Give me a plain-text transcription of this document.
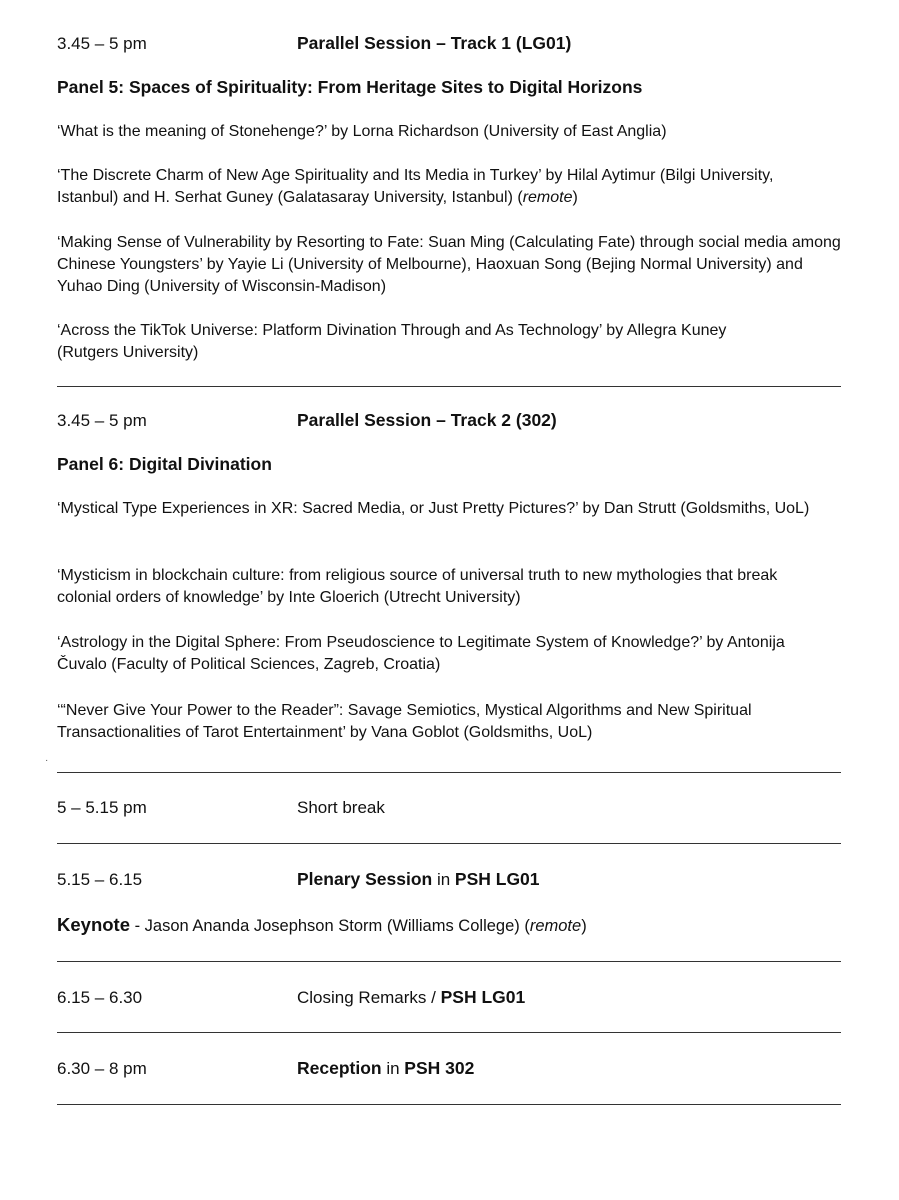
3.45 – 5 pm	Parallel Session – Track 1 (LG01)

Panel 5: Spaces of Spirituality: From Heritage Sites to Digital Horizons

‘What is the meaning of Stonehenge?’ by Lorna Richardson (University of East Anglia)

‘The Discrete Charm of New Age Spirituality and Its Media in Turkey’ by Hilal Aytimur (Bilgi University, Istanbul) and H. Serhat Guney (Galatasaray University, Istanbul) (remote)

‘Making Sense of Vulnerability by Resorting to Fate: Suan Ming (Calculating Fate) through social media among Chinese Youngsters’ by Yayie Li (University of Melbourne), Haoxuan Song (Bejing Normal University) and Yuhao Ding (University of Wisconsin-Madison)

‘Across the TikTok Universe: Platform Divination Through and As Technology’ by Allegra Kuney (Rutgers University)

3.45 – 5 pm	Parallel Session – Track 2 (302)

Panel 6: Digital Divination

‘Mystical Type Experiences in XR: Sacred Media, or Just Pretty Pictures?’ by Dan Strutt (Goldsmiths, UoL)

‘Mysticism in blockchain culture: from religious source of universal truth to new mythologies that break colonial orders of knowledge’ by Inte Gloerich (Utrecht University)

‘Astrology in the Digital Sphere: From Pseudoscience to Legitimate System of Knowledge?’ by Antonija Čuvalo (Faculty of Political Sciences, Zagreb, Croatia)

‘“Never Give Your Power to the Reader”: Savage Semiotics, Mystical Algorithms and New Spiritual Transactionalities of Tarot Entertainment’ by Vana Goblot (Goldsmiths, UoL)

5 – 5.15 pm	Short break
5.15 – 6.15	Plenary Session in PSH LG01

Keynote - Jason Ananda Josephson Storm (Williams College) (remote)

6.15 – 6.30	Closing Remarks / PSH LG01
6.30 – 8 pm	Reception in PSH 302
·
